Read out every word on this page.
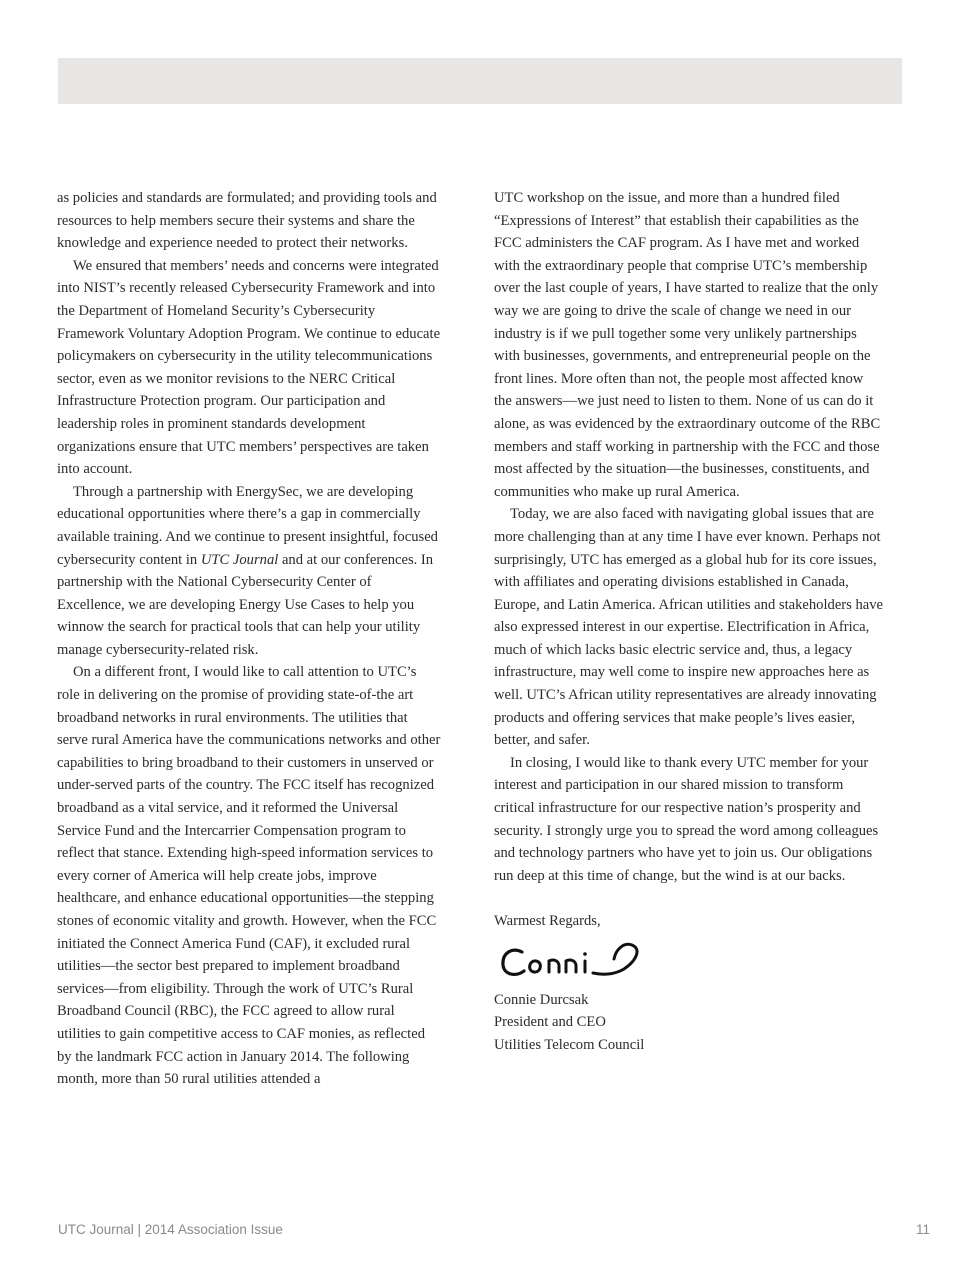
as policies and standards are formulated; and providing tools and resources to help members secure their systems and share the knowledge and experience needed to protect their networks.

We ensured that members’ needs and concerns were integrated into NIST’s recently released Cybersecurity Framework and into the Department of Homeland Security’s Cybersecurity Framework Voluntary Adoption Program. We continue to educate policymakers on cybersecurity in the utility telecommunications sector, even as we monitor revisions to the NERC Critical Infrastructure Protection program. Our participation and leadership roles in prominent standards development organizations ensure that UTC members’ perspectives are taken into account.

Through a partnership with EnergySec, we are developing educational opportunities where there’s a gap in commercially available training. And we continue to present insightful, focused cybersecurity content in UTC Journal and at our conferences. In partnership with the National Cybersecurity Center of Excellence, we are developing Energy Use Cases to help you winnow the search for practical tools that can help your utility manage cybersecurity-related risk.

On a different front, I would like to call attention to UTC’s role in delivering on the promise of providing state-of-the art broadband networks in rural environments. The utilities that serve rural America have the communications networks and other capabilities to bring broadband to their customers in unserved or under-served parts of the country. The FCC itself has recognized broadband as a vital service, and it reformed the Universal Service Fund and the Intercarrier Compensation program to reflect that stance. Extending high-speed information services to every corner of America will help create jobs, improve healthcare, and enhance educational opportunities—the stepping stones of economic vitality and growth. However, when the FCC initiated the Connect America Fund (CAF), it excluded rural utilities—the sector best prepared to implement broadband services—from eligibility. Through the work of UTC’s Rural Broadband Council (RBC), the FCC agreed to allow rural utilities to gain competitive access to CAF monies, as reflected by the landmark FCC action in January 2014. The following month, more than 50 rural utilities attended a

UTC workshop on the issue, and more than a hundred filed “Expressions of Interest” that establish their capabilities as the FCC administers the CAF program. As I have met and worked with the extraordinary people that comprise UTC’s membership over the last couple of years, I have started to realize that the only way we are going to drive the scale of change we need in our industry is if we pull together some very unlikely partnerships with businesses, governments, and entrepreneurial people on the front lines. More often than not, the people most affected know the answers—we just need to listen to them. None of us can do it alone, as was evidenced by the extraordinary outcome of the RBC members and staff working in partnership with the FCC and those most affected by the situation—the businesses, constituents, and communities who make up rural America.

Today, we are also faced with navigating global issues that are more challenging than at any time I have ever known. Perhaps not surprisingly, UTC has emerged as a global hub for its core issues, with affiliates and operating divisions established in Canada, Europe, and Latin America. African utilities and stakeholders have also expressed interest in our expertise. Electrification in Africa, much of which lacks basic electric service and, thus, a legacy infrastructure, may well come to inspire new approaches here as well. UTC’s African utility representatives are already innovating products and offering services that make people’s lives easier, better, and safer.

In closing, I would like to thank every UTC member for your interest and participation in our shared mission to transform critical infrastructure for our respective nation’s prosperity and security. I strongly urge you to spread the word among colleagues and technology partners who have yet to join us. Our obligations run deep at this time of change, but the wind is at our backs.

Warmest Regards,

Connie Durcsak

President and CEO

Utilities Telecom Council

UTC Journal | 2014 Association Issue	11
